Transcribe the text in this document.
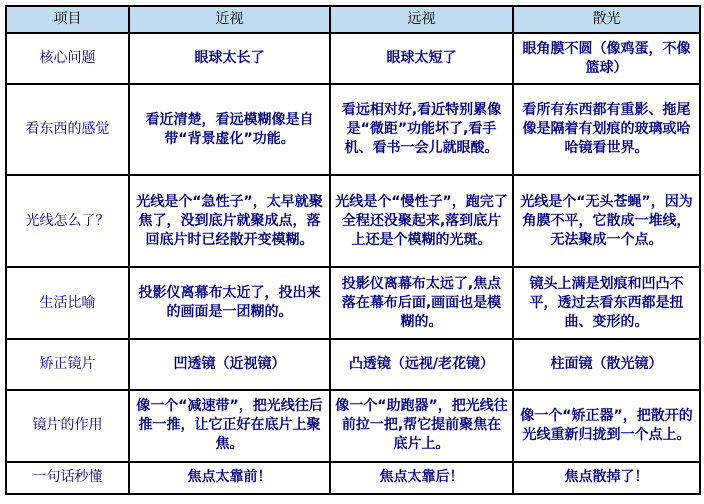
项目	近视	远视	散光
核心问题	眼球太长了	眼球太短了	眼角膜不圆（像鸡蛋，不像篮球）
看东西的感觉	看近清楚，看远模糊像是自带“背景虚化”功能。	看远相对好,看近特别累像是“微距”功能坏了,看手机、看书一会儿就眼酸。	看所有东西都有重影、拖尾像是隔着有划痕的玻璃或哈哈镜看世界。
光线怎么了？	光线是个“急性子”，太早就聚焦了，没到底片就聚成点，落回底片时已经散开变模糊。	光线是个“慢性子”，跑完了全程还没聚起来,落到底片上还是个模糊的光斑。	光线是个“无头苍蝇”，因为角膜不平，它散成一堆线，无法聚成一个点。
生活比喻	投影仪离幕布太近了，投出来的画面是一团糊的。	投影仪离幕布太远了,焦点落在幕布后面,画面也是模糊的。	镜头上满是划痕和凹凸不平，透过去看东西都是扭曲、变形的。
矫正镜片	凹透镜（近视镜）	凸透镜（远视/老花镜）	柱面镜（散光镜）
镜片的作用	像一个“减速带”，把光线往后推一推，让它正好在底片上聚焦。	像一个“助跑器”，把光线往前拉一把,帮它提前聚焦在底片上。	像一个“矫正器”，把散开的光线重新归拢到一个点上。
一句话秒懂	焦点太靠前！	焦点太靠后！	焦点散掉了！
